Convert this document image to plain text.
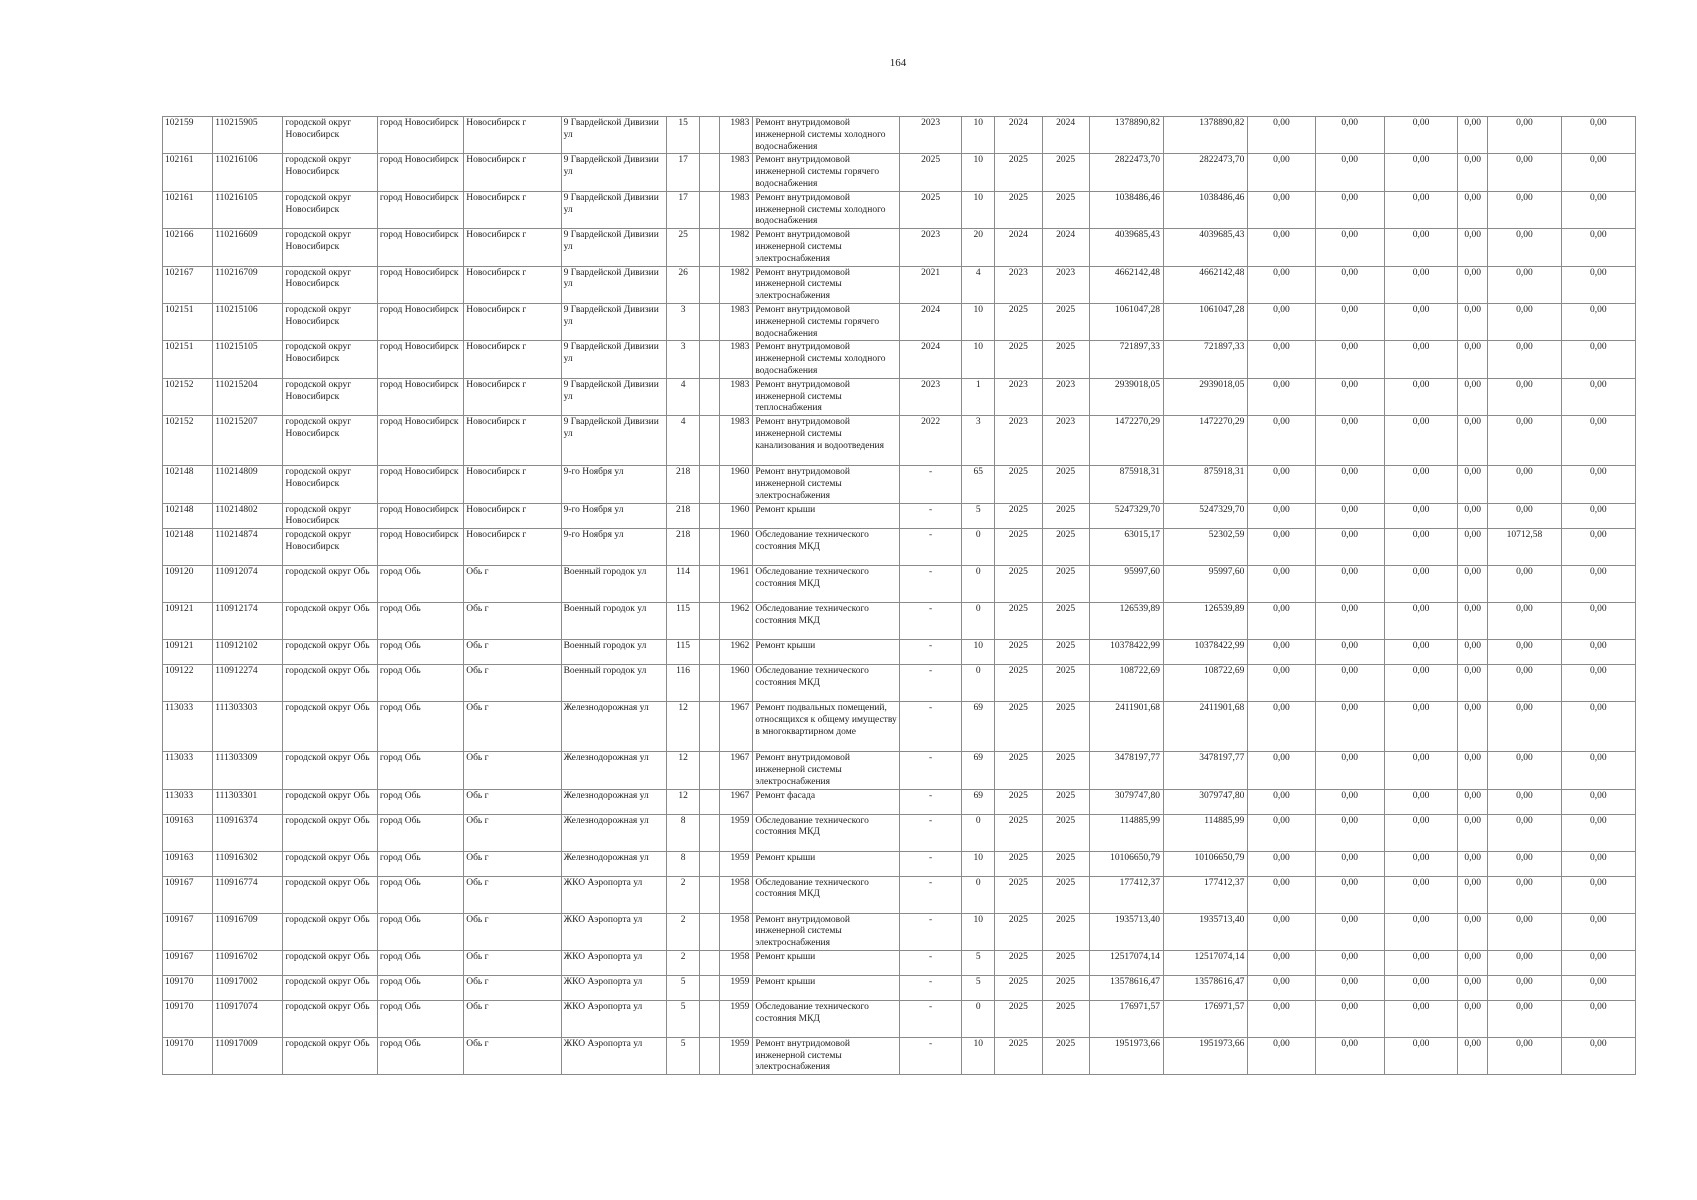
164
102159	110215905	городской округ Новосибирск	город Новосибирск	Новосибирск г	9 Гвардейской Дивизии ул	15		1983	Ремонт внутридомовой инженерной системы холодного водоснабжения	2023	10	2024	2024	1378890,82	1378890,82	0,00	0,00	0,00	0,00	0,00	0,00
102161	110216106	городской округ Новосибирск	город Новосибирск	Новосибирск г	9 Гвардейской Дивизии ул	17		1983	Ремонт внутридомовой инженерной системы горячего водоснабжения	2025	10	2025	2025	2822473,70	2822473,70	0,00	0,00	0,00	0,00	0,00	0,00
102161	110216105	городской округ Новосибирск	город Новосибирск	Новосибирск г	9 Гвардейской Дивизии ул	17		1983	Ремонт внутридомовой инженерной системы холодного водоснабжения	2025	10	2025	2025	1038486,46	1038486,46	0,00	0,00	0,00	0,00	0,00	0,00
102166	110216609	городской округ Новосибирск	город Новосибирск	Новосибирск г	9 Гвардейской Дивизии ул	25		1982	Ремонт внутридомовой инженерной системы электроснабжения	2023	20	2024	2024	4039685,43	4039685,43	0,00	0,00	0,00	0,00	0,00	0,00
102167	110216709	городской округ Новосибирск	город Новосибирск	Новосибирск г	9 Гвардейской Дивизии ул	26		1982	Ремонт внутридомовой инженерной системы электроснабжения	2021	4	2023	2023	4662142,48	4662142,48	0,00	0,00	0,00	0,00	0,00	0,00
102151	110215106	городской округ Новосибирск	город Новосибирск	Новосибирск г	9 Гвардейской Дивизии ул	3		1983	Ремонт внутридомовой инженерной системы горячего водоснабжения	2024	10	2025	2025	1061047,28	1061047,28	0,00	0,00	0,00	0,00	0,00	0,00
102151	110215105	городской округ Новосибирск	город Новосибирск	Новосибирск г	9 Гвардейской Дивизии ул	3		1983	Ремонт внутридомовой инженерной системы холодного водоснабжения	2024	10	2025	2025	721897,33	721897,33	0,00	0,00	0,00	0,00	0,00	0,00
102152	110215204	городской округ Новосибирск	город Новосибирск	Новосибирск г	9 Гвардейской Дивизии ул	4		1983	Ремонт внутридомовой инженерной системы теплоснабжения	2023	1	2023	2023	2939018,05	2939018,05	0,00	0,00	0,00	0,00	0,00	0,00
102152	110215207	городской округ Новосибирск	город Новосибирск	Новосибирск г	9 Гвардейской Дивизии ул	4		1983	Ремонт внутридомовой инженерной системы канализования и водоотведения	2022	3	2023	2023	1472270,29	1472270,29	0,00	0,00	0,00	0,00	0,00	0,00
102148	110214809	городской округ Новосибирск	город Новосибирск	Новосибирск г	9-го Ноября ул	218		1960	Ремонт внутридомовой инженерной системы электроснабжения	-	65	2025	2025	875918,31	875918,31	0,00	0,00	0,00	0,00	0,00	0,00
102148	110214802	городской округ Новосибирск	город Новосибирск	Новосибирск г	9-го Ноября ул	218		1960	Ремонт крыши	-	5	2025	2025	5247329,70	5247329,70	0,00	0,00	0,00	0,00	0,00	0,00
102148	110214874	городской округ Новосибирск	город Новосибирск	Новосибирск г	9-го Ноября ул	218		1960	Обследование технического состояния МКД	-	0	2025	2025	63015,17	52302,59	0,00	0,00	0,00	0,00	10712,58	0,00
109120	110912074	городской округ Обь	город Обь	Обь г	Военный городок ул	114		1961	Обследование технического состояния МКД	-	0	2025	2025	95997,60	95997,60	0,00	0,00	0,00	0,00	0,00	0,00
109121	110912174	городской округ Обь	город Обь	Обь г	Военный городок ул	115		1962	Обследование технического состояния МКД	-	0	2025	2025	126539,89	126539,89	0,00	0,00	0,00	0,00	0,00	0,00
109121	110912102	городской округ Обь	город Обь	Обь г	Военный городок ул	115		1962	Ремонт крыши	-	10	2025	2025	10378422,99	10378422,99	0,00	0,00	0,00	0,00	0,00	0,00
109122	110912274	городской округ Обь	город Обь	Обь г	Военный городок ул	116		1960	Обследование технического состояния МКД	-	0	2025	2025	108722,69	108722,69	0,00	0,00	0,00	0,00	0,00	0,00
113033	111303303	городской округ Обь	город Обь	Обь г	Железнодорожная ул	12		1967	Ремонт подвальных помещений, относящихся к общему имуществу в многоквартирном доме	-	69	2025	2025	2411901,68	2411901,68	0,00	0,00	0,00	0,00	0,00	0,00
113033	111303309	городской округ Обь	город Обь	Обь г	Железнодорожная ул	12		1967	Ремонт внутридомовой инженерной системы электроснабжения	-	69	2025	2025	3478197,77	3478197,77	0,00	0,00	0,00	0,00	0,00	0,00
113033	111303301	городской округ Обь	город Обь	Обь г	Железнодорожная ул	12		1967	Ремонт фасада	-	69	2025	2025	3079747,80	3079747,80	0,00	0,00	0,00	0,00	0,00	0,00
109163	110916374	городской округ Обь	город Обь	Обь г	Железнодорожная ул	8		1959	Обследование технического состояния МКД	-	0	2025	2025	114885,99	114885,99	0,00	0,00	0,00	0,00	0,00	0,00
109163	110916302	городской округ Обь	город Обь	Обь г	Железнодорожная ул	8		1959	Ремонт крыши	-	10	2025	2025	10106650,79	10106650,79	0,00	0,00	0,00	0,00	0,00	0,00
109167	110916774	городской округ Обь	город Обь	Обь г	ЖКО Аэропорта ул	2		1958	Обследование технического состояния МКД	-	0	2025	2025	177412,37	177412,37	0,00	0,00	0,00	0,00	0,00	0,00
109167	110916709	городской округ Обь	город Обь	Обь г	ЖКО Аэропорта ул	2		1958	Ремонт внутридомовой инженерной системы электроснабжения	-	10	2025	2025	1935713,40	1935713,40	0,00	0,00	0,00	0,00	0,00	0,00
109167	110916702	городской округ Обь	город Обь	Обь г	ЖКО Аэропорта ул	2		1958	Ремонт крыши	-	5	2025	2025	12517074,14	12517074,14	0,00	0,00	0,00	0,00	0,00	0,00
109170	110917002	городской округ Обь	город Обь	Обь г	ЖКО Аэропорта ул	5		1959	Ремонт крыши	-	5	2025	2025	13578616,47	13578616,47	0,00	0,00	0,00	0,00	0,00	0,00
109170	110917074	городской округ Обь	город Обь	Обь г	ЖКО Аэропорта ул	5		1959	Обследование технического состояния МКД	-	0	2025	2025	176971,57	176971,57	0,00	0,00	0,00	0,00	0,00	0,00
109170	110917009	городской округ Обь	город Обь	Обь г	ЖКО Аэропорта ул	5		1959	Ремонт внутридомовой инженерной системы электроснабжения	-	10	2025	2025	1951973,66	1951973,66	0,00	0,00	0,00	0,00	0,00	0,00
